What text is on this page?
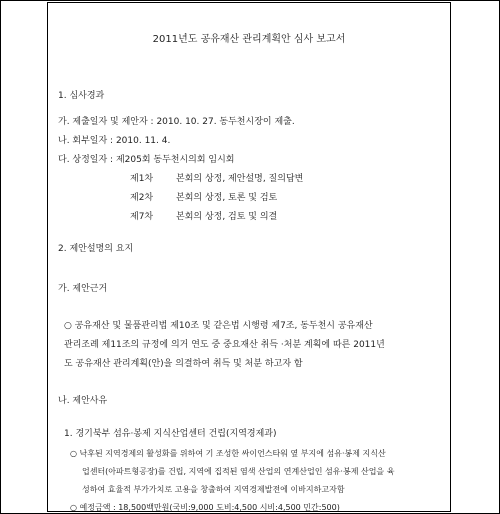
2011년도 공유재산 관리계획안 심사 보고서
1. 심사경과
가. 제출일자 및 제안자 : 2010. 10. 27. 동두천시장이 제출.
나. 회부일자 : 2010. 11. 4.
다. 상정일자 : 제205회 동두천시의회 임시회
제1차	본회의 상정, 제안설명, 질의답변
제2차	본회의 상정, 토론 및 검토
제7차	본회의 상정, 검토 및 의결
2. 제안설명의 요지
가. 제안근거
○ 공유재산 및 물품관리법 제10조 및 같은법 시행령 제7조, 동두천시 공유재산
관리조례 제11조의 규정에 의거 연도 중 중요재산 취득 ·처분 계획에 따른 2011년
도 공유재산 관리계획(안)을 의결하여 취득 및 처분 하고자 함
나. 제안사유
1. 경기북부 섬유·봉제 지식산업센터 건립(지역경제과)
○ 낙후된 지역경제의 활성화를 위하여 기 조성한 싸이언스타워 옆 부지에 섬유·봉제 지식산
업센터(아파트형공장)를 건립, 지역에 집적된 염색 산업의 연계산업인 섬유·봉제 산업을 육
성하여 효율적 부가가치로 고용을 창출하여 지역경제발전에 이바지하고자함
○ 예정금액 : 18,500백만원(국비:9,000 도비:4,500 시비:4,500 민간:500)
